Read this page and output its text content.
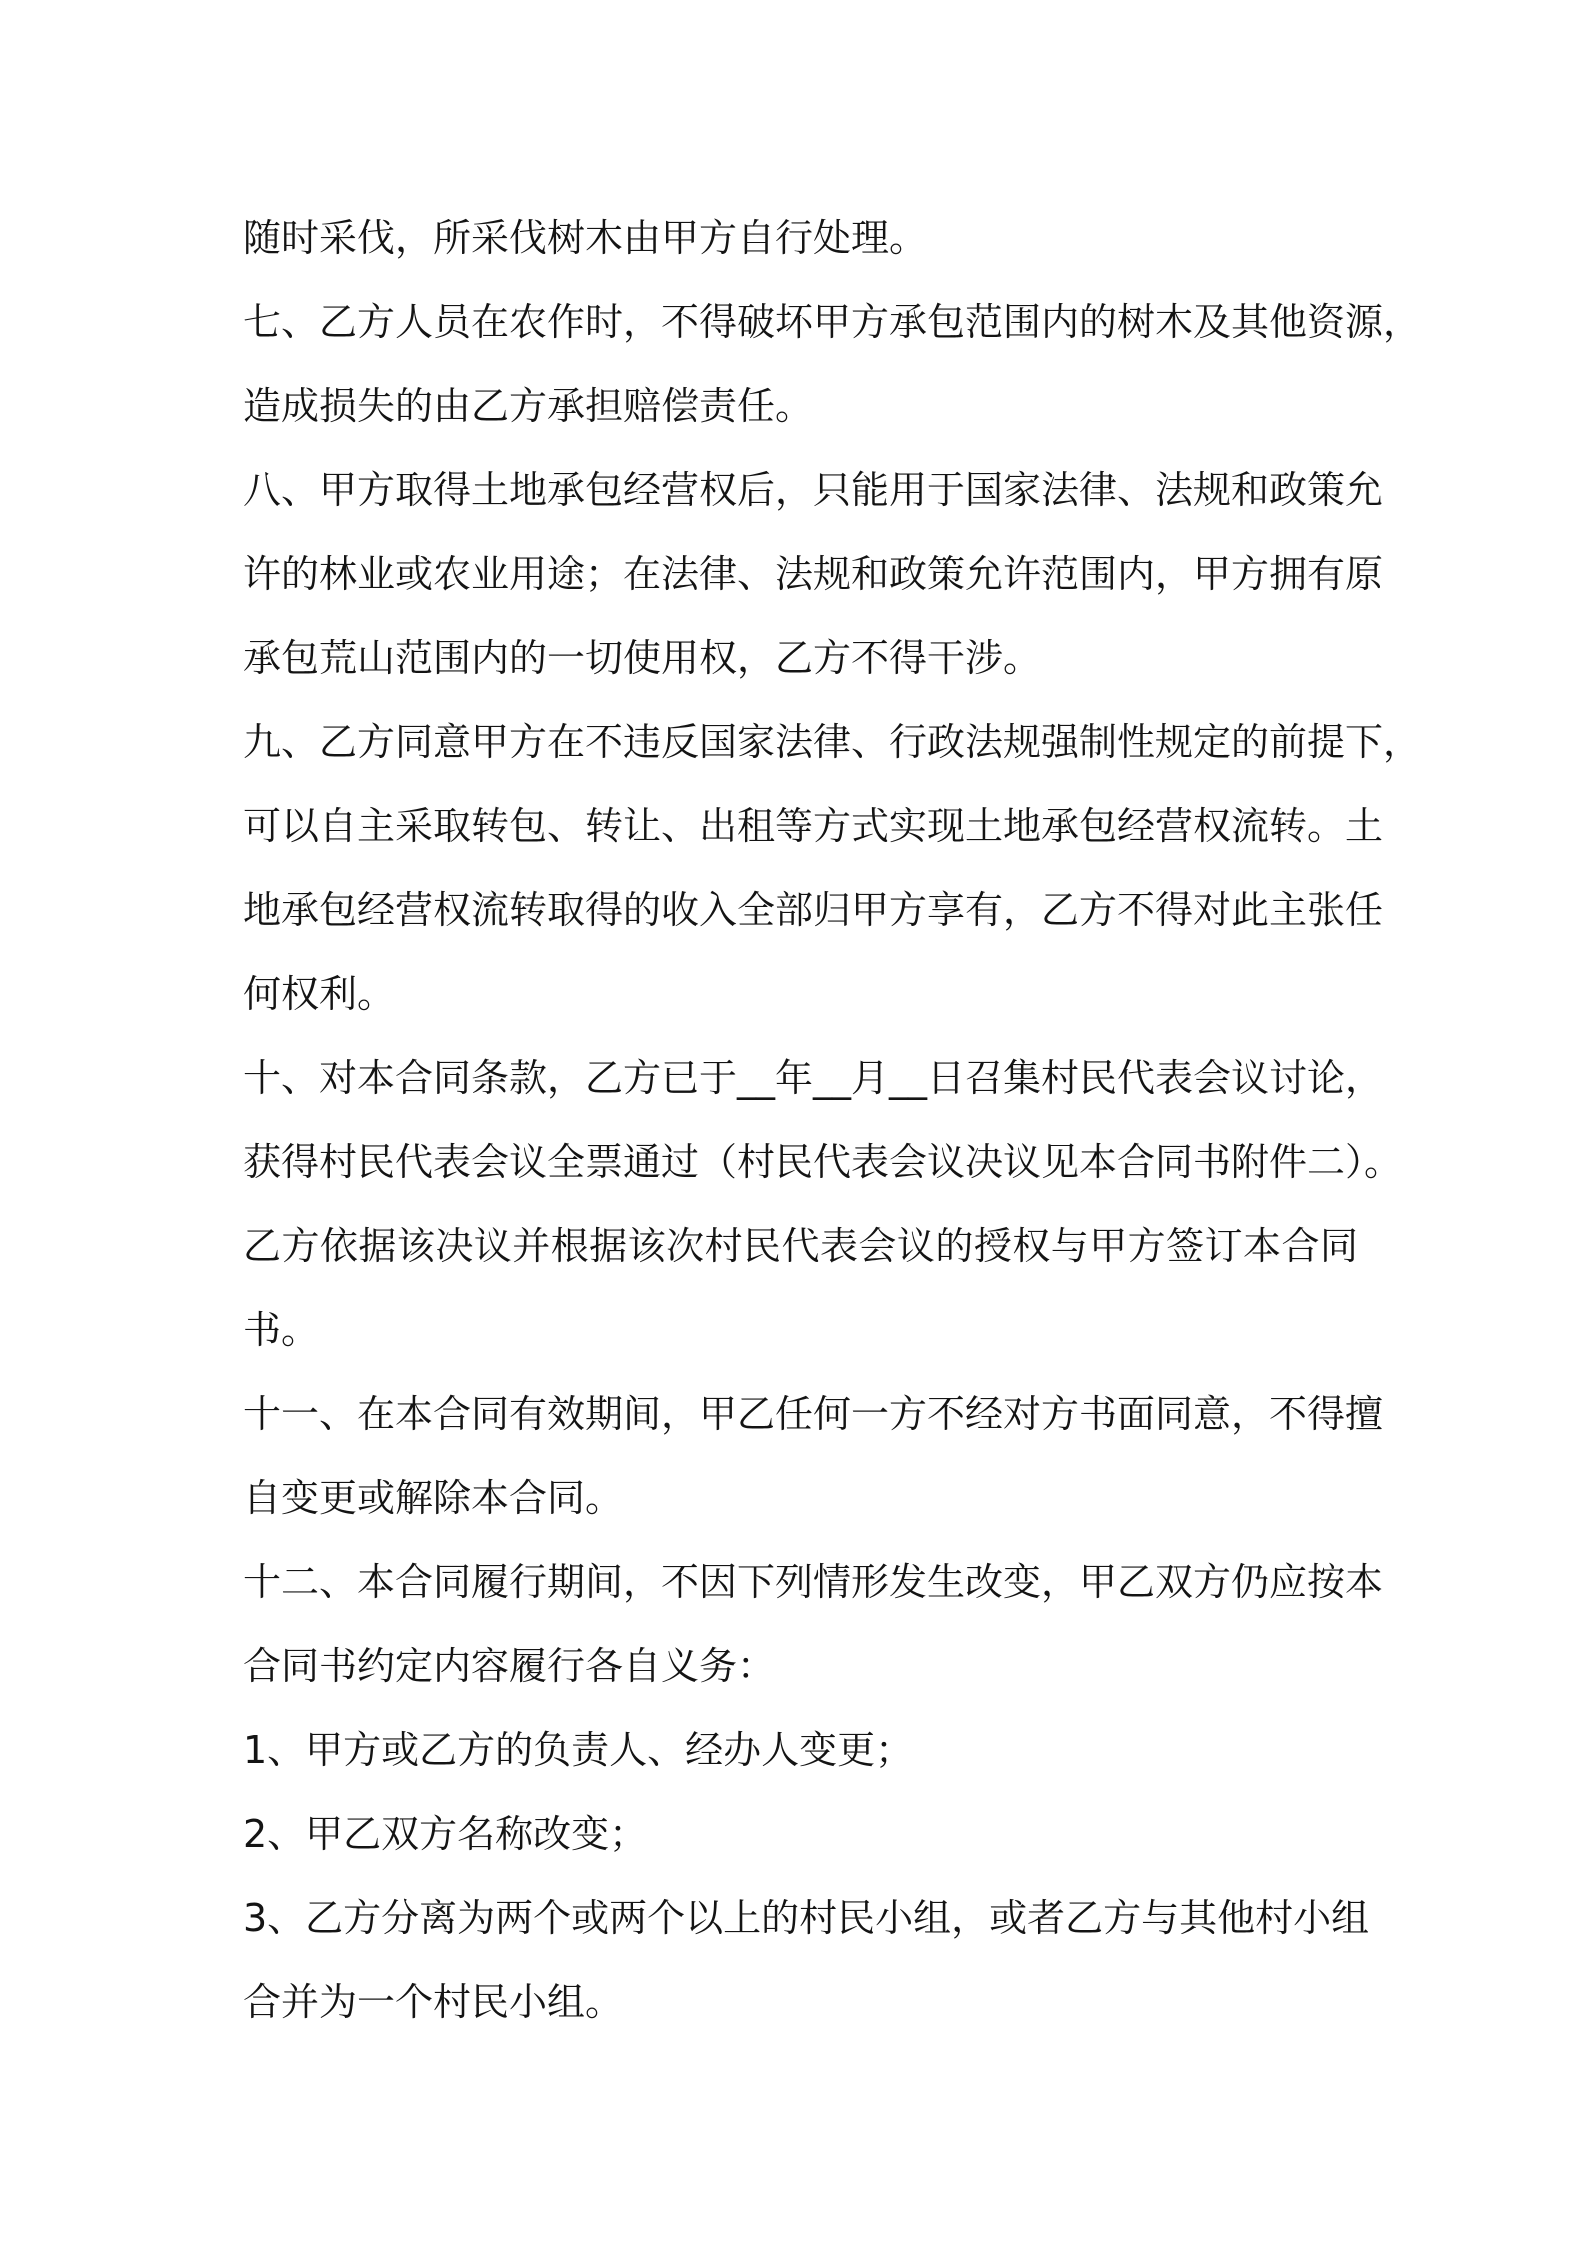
随时采伐，所采伐树木由甲方自行处理。
七、乙方人员在农作时，不得破坏甲方承包范围内的树木及其他资源，
造成损失的由乙方承担赔偿责任。
八、甲方取得土地承包经营权后，只能用于国家法律、法规和政策允
许的林业或农业用途；在法律、法规和政策允许范围内，甲方拥有原
承包荒山范围内的一切使用权，乙方不得干涉。
九、乙方同意甲方在不违反国家法律、行政法规强制性规定的前提下，
可以自主采取转包、转让、出租等方式实现土地承包经营权流转。土
地承包经营权流转取得的收入全部归甲方享有，乙方不得对此主张任
何权利。
十、对本合同条款，乙方已于__年__月__日召集村民代表会议讨论，
获得村民代表会议全票通过（村民代表会议决议见本合同书附件二）。
乙方依据该决议并根据该次村民代表会议的授权与甲方签订本合同
书。
十一、在本合同有效期间，甲乙任何一方不经对方书面同意，不得擅
自变更或解除本合同。
十二、本合同履行期间，不因下列情形发生改变，甲乙双方仍应按本
合同书约定内容履行各自义务：
1、甲方或乙方的负责人、经办人变更；
2、甲乙双方名称改变；
3、乙方分离为两个或两个以上的村民小组，或者乙方与其他村小组
合并为一个村民小组。
